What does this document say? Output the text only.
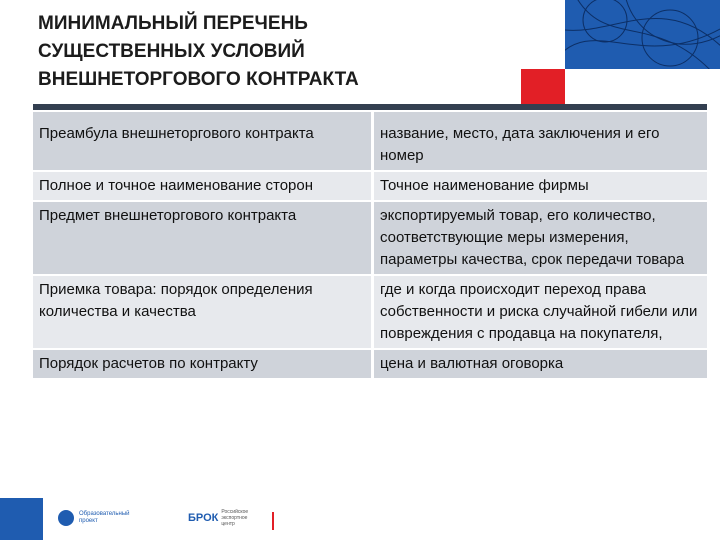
МИНИМАЛЬНЫЙ ПЕРЕЧЕНЬ
СУЩЕСТВЕННЫХ УСЛОВИЙ
ВНЕШНЕТОРГОВОГО КОНТРАКТА
Преамбула внешнеторгового контракта	название, место, дата заключения и его номер
Полное и точное наименование сторон	Точное наименование фирмы
Предмет внешнеторгового контракта	экспортируемый товар, его количество, соответствующие меры измерения, параметры качества, срок передачи товара
Приемка товара: порядок определения количества и качества	где и когда происходит переход права собственности и риска случайной гибели или повреждения с продавца на покупателя,
Порядок расчетов по контракту	цена и валютная оговорка
Образовательный
проект	БРОК Российское
экспортное
центр
